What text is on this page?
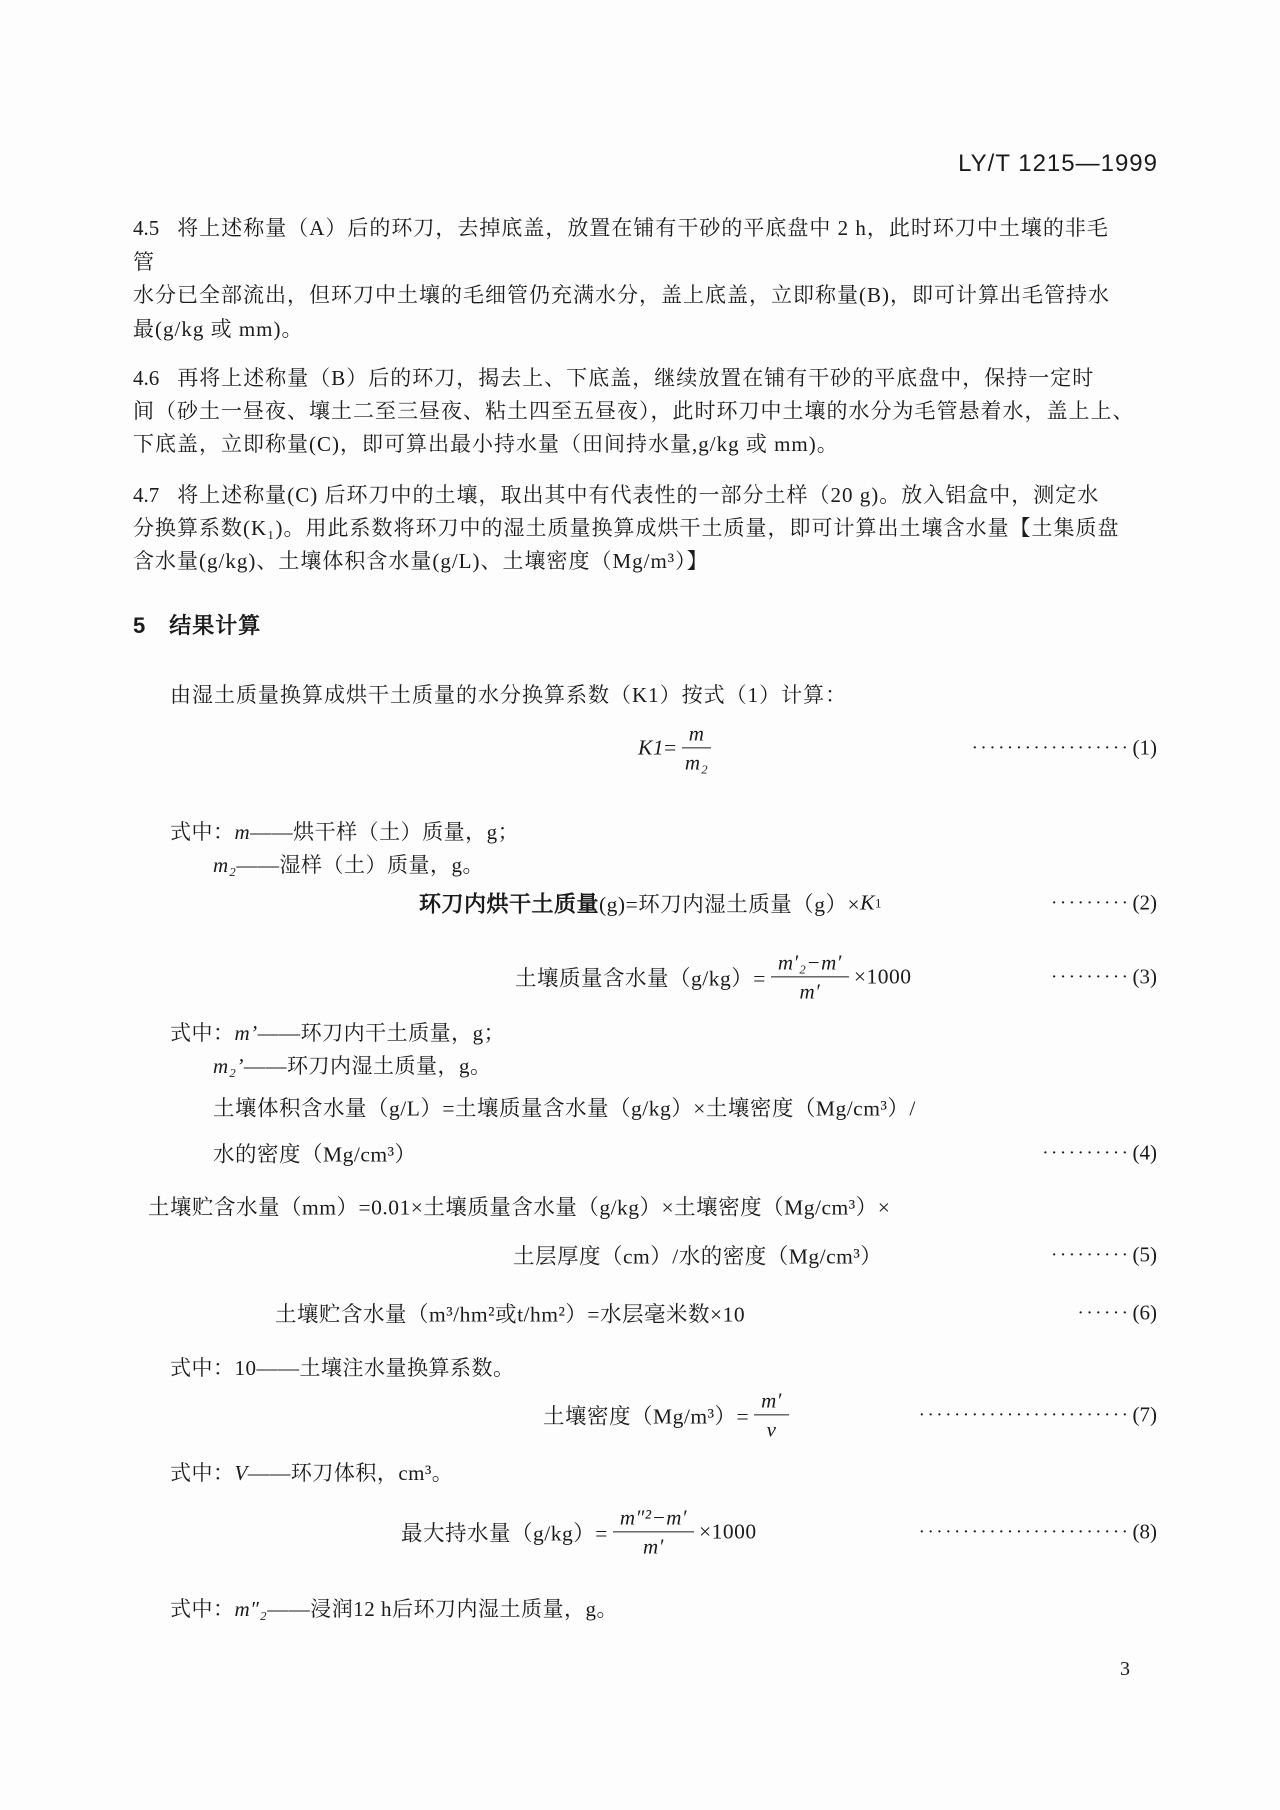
LY/T 1215—1999
4.5 将上述称量（A）后的环刀，去掉底盖，放置在铺有干砂的平底盘中 2 h，此时环刀中土壤的非毛
管
水分已全部流出，但环刀中土壤的毛细管仍充满水分，盖上底盖，立即称量(B)，即可计算出毛管持水
最(g/kg 或 mm)。
4.6 再将上述称量（B）后的环刀，揭去上、下底盖，继续放置在铺有干砂的平底盘中，保持一定时
间（砂土一昼夜、壤土二至三昼夜、粘土四至五昼夜），此时环刀中土壤的水分为毛管悬着水，盖上上、
下底盖，立即称量(C)，即可算出最小持水量（田间持水量,g/kg 或 mm)。
4.7 将上述称量(C) 后环刀中的土壤，取出其中有代表性的一部分土样（20 g)。放入铝盒中，测定水
分换算系数(K₁)。用此系数将环刀中的湿土质量换算成烘干土质量，即可计算出土壤含水量【土集质盘
含水量(g/kg)、土壤体积含水量(g/L)、土壤密度（Mg/m³）】
5 结果计算
由湿土质量换算成烘干土质量的水分换算系数（K1）按式（1）计算：
$K1 = \frac{m}{\text{m₂}}$	·················· (1)
式中：m——烘干样（土）质量，g；
m₂——湿样（土）质量，g。
环刀内烘干土质量 (g)=环刀内湿土质量（g）× K 1	········· (2)
土壤质量含水量$(g/kg)= \frac{\text{m′₂−m′}}{m'} \times 1000$	········· (3)
式中：m’——环刀内干土质量，g；
m₂’——环刀内湿土质量，g。
土壤体积含水量（g/L）=土壤质量含水量（g/kg）×土壤密度（Mg/cm³）/
水的密度（Mg/cm³）	·········· (4)
土壤贮含水量（mm）=0.01×土壤质量含水量（g/kg）×土壤密度（Mg/cm³）×
土层厚度（cm）/水的密度（Mg/cm³）	········· (5)
土壤贮含水量（m³/hm²或t/hm²）=水层毫米数×10	······ (6)
式中：10——土壤注水量换算系数。
土壤密度$(Mg/m^3)= \frac{m'}{v}$	························ (7)
式中：V——环刀体积，cm³。
最大持水量$(g/kg)= \frac{\text{m″²−m′}}{m'} \times 1000$	························ (8)
式中：m″₂——浸润12 h后环刀内湿土质量，g。
3
